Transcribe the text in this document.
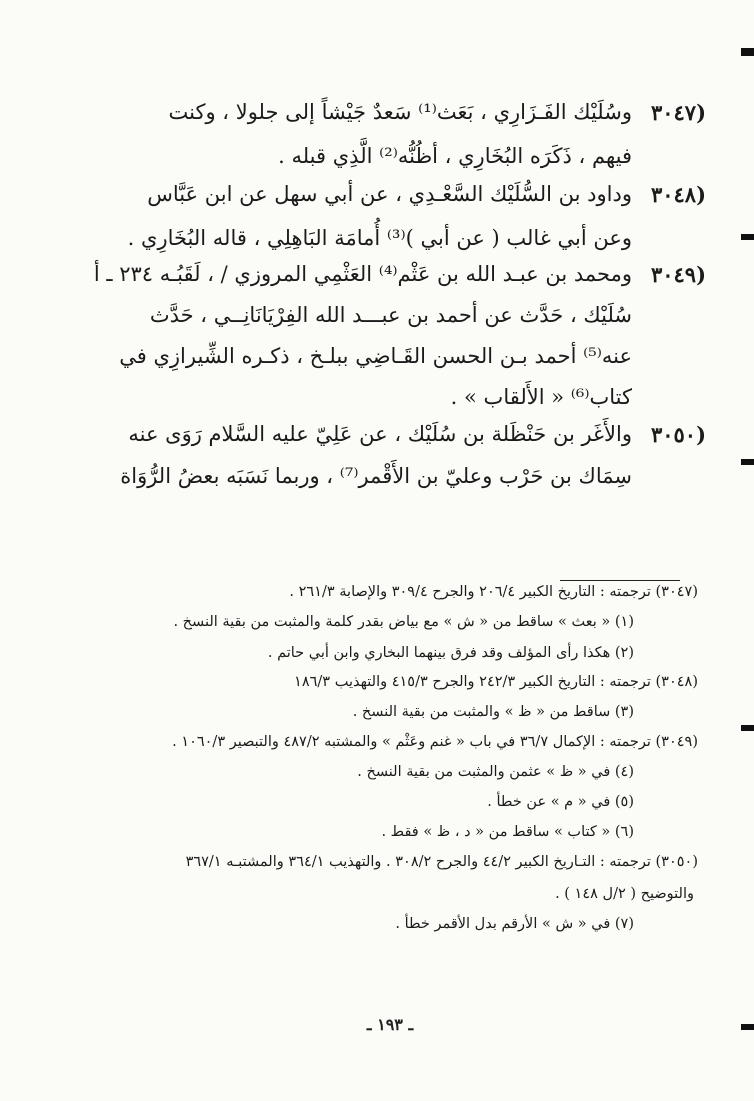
(٣٠٤٧
وسُلَيْك الفَـزَارِي ، بَعَث⁽¹⁾ سَعدٌ جَيْشاً إلى جلولا ، وكنت
فيهم ، ذَكَرَه البُخَارِي ، أظُنُّه⁽²⁾ الَّذِي قبله .
(٣٠٤٨
وداود بن السُّلَيْك السَّعْـدِي ، عن أبي سهل عن ابن عَبَّاس
وعن أبي غالب ( عن أبي )⁽³⁾ أُمامَة البَاهِلِي ، قاله البُخَارِي .
(٣٠٤٩
ومحمد بن عبـد الله بن عَثْم⁽⁴⁾ العَثْمِي المروزي / ، لَقَبُـه ٢٣٤ ـ أ
سُلَيْك ، حَدَّث عن أحمد بن عبـــد الله الفِرْيَانَانِــي ، حَدَّث
عنه⁽⁵⁾ أحمد بـن الحسن القَـاضِي ببلـخ ، ذكـره الشِّيرازِي في
كتاب⁽⁶⁾ « الأَلقاب » .
(٣٠٥٠
والأَغَر بن حَنْظَلة بن سُلَيْك ، عن عَلِيّ عليه السَّلام رَوَى عنه
سِمَاك بن حَرْب وعليّ بن الأَقْمر⁽⁷⁾ ، وربما نَسَبَه بعضُ الرُّوَاة
(٣٠٤٧) ترجمته : التاريخ الكبير ٢٠٦/٤ والجرح ٣٠٩/٤ والإصابة ٢٦١/٣ .
(١) « بعث » ساقط من « ش » مع بياض بقدر كلمة والمثبت من بقية النسخ .
(٢) هكذا رأى المؤلف وقد فرق بينهما البخاري وابن أبي حاتم .
(٣٠٤٨) ترجمته : التاريخ الكبير ٢٤٢/٣ والجرح ٤١٥/٣ والتهذيب ١٨٦/٣
(٣) ساقط من « ظ » والمثبت من بقية النسخ .
(٣٠٤٩) ترجمته : الإكمال ٣٦/٧ في باب « غنم وعَثْم » والمشتبه ٤٨٧/٢ والتبصير ١٠٦٠/٣ .
(٤) في « ظ » عثمن والمثبت من بقية النسخ .
(٥) في « م » عن خطأ .
(٦) « كتاب » ساقط من « د ، ظ » فقط .
(٣٠٥٠) ترجمته : التـاريخ الكبير ٤٤/٢ والجرح ٣٠٨/٢ . والتهذيب ٣٦٤/١ والمشتبـه ٣٦٧/١
والتوضيح ( ٢/ل ١٤٨ ) .
(٧) في « ش » الأرقم بدل الأقمر خطأ .
ـ ١٩٣ ـ
